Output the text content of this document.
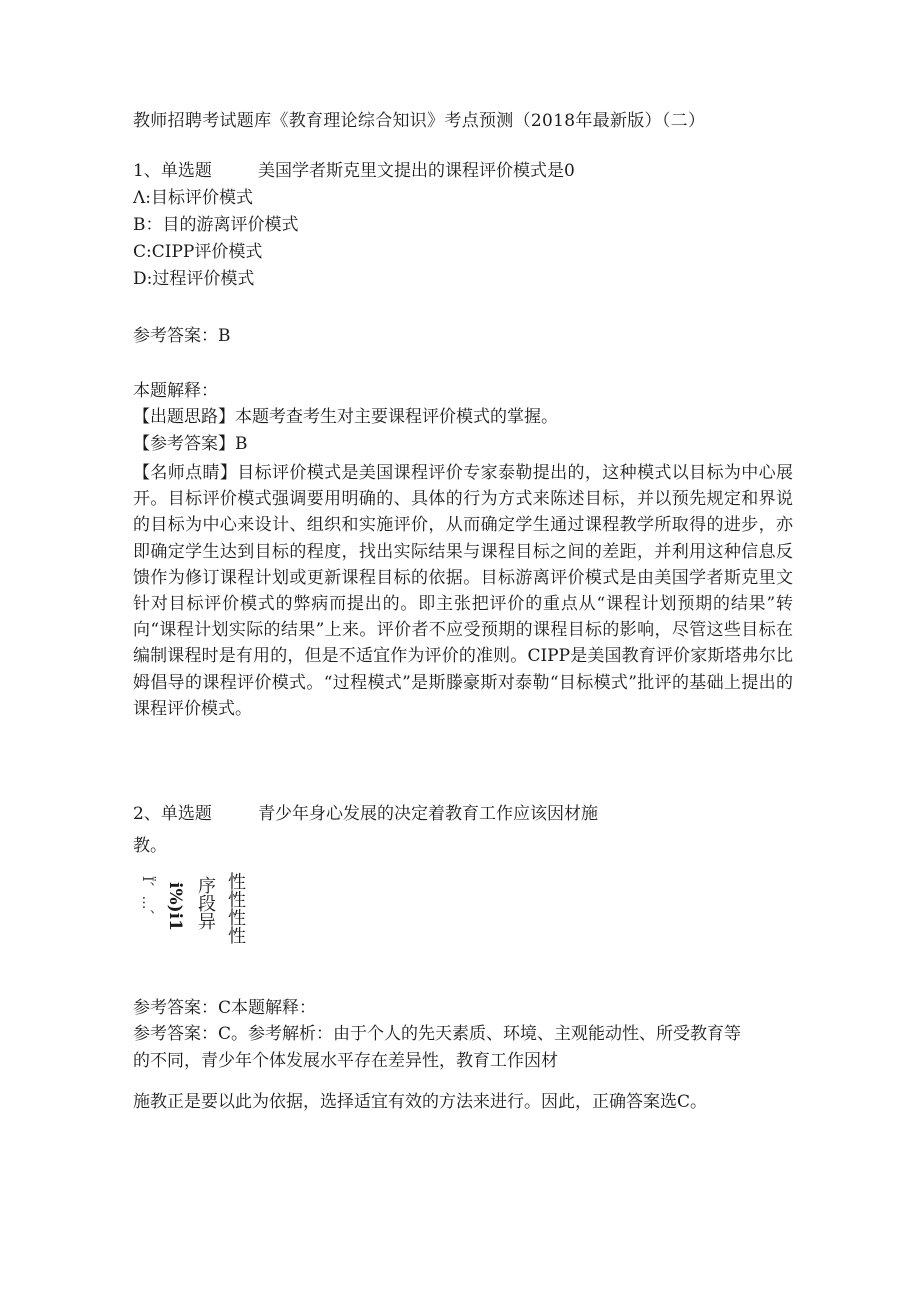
教师招聘考试题库《教育理论综合知识》考点预测（2018年最新版）（二）
1、单选题	美国学者斯克里文提出的课程评价模式是0
Λ:目标评价模式
B：目的游离评价模式
C:CIPP评价模式
D:过程评价模式
参考答案：B
本题解释：
【出题思路】本题考查考生对主要课程评价模式的掌握。
【参考答案】B
【名师点睛】目标评价模式是美国课程评价专家泰勒提出的，这种模式以目标为中心展开。目标评价模式强调要用明确的、具体的行为方式来陈述目标，并以预先规定和界说的目标为中心来设计、组织和实施评价，从而确定学生通过课程教学所取得的进步，亦即确定学生达到目标的程度，找出实际结果与课程目标之间的差距，并利用这种信息反馈作为修订课程计划或更新课程目标的依据。目标游离评价模式是由美国学者斯克里文针对目标评价模式的弊病而提出的。即主张把评价的重点从“课程计划预期的结果”转向“课程计划实际的结果”上来。评价者不应受预期的课程目标的影响，尽管这些目标在编制课程时是有用的，但是不适宜作为评价的准则。CIPP是美国教育评价家斯塔弗尔比姆倡导的课程评价模式。“过程模式”是斯滕豪斯对泰勒“目标模式”批评的基础上提出的课程评价模式。
2、单选题	青少年身心发展的决定着教育工作应该因材施
教。
Ï、…、 i%)i1 序段异 性性性性
参考答案：C本题解释：
参考答案：C。参考解析：由于个人的先天素质、环境、主观能动性、所受教育等
的不同，青少年个体发展水平存在差异性，教育工作因材
施教正是要以此为依据，选择适宜有效的方法来进行。因此，正确答案选C。
